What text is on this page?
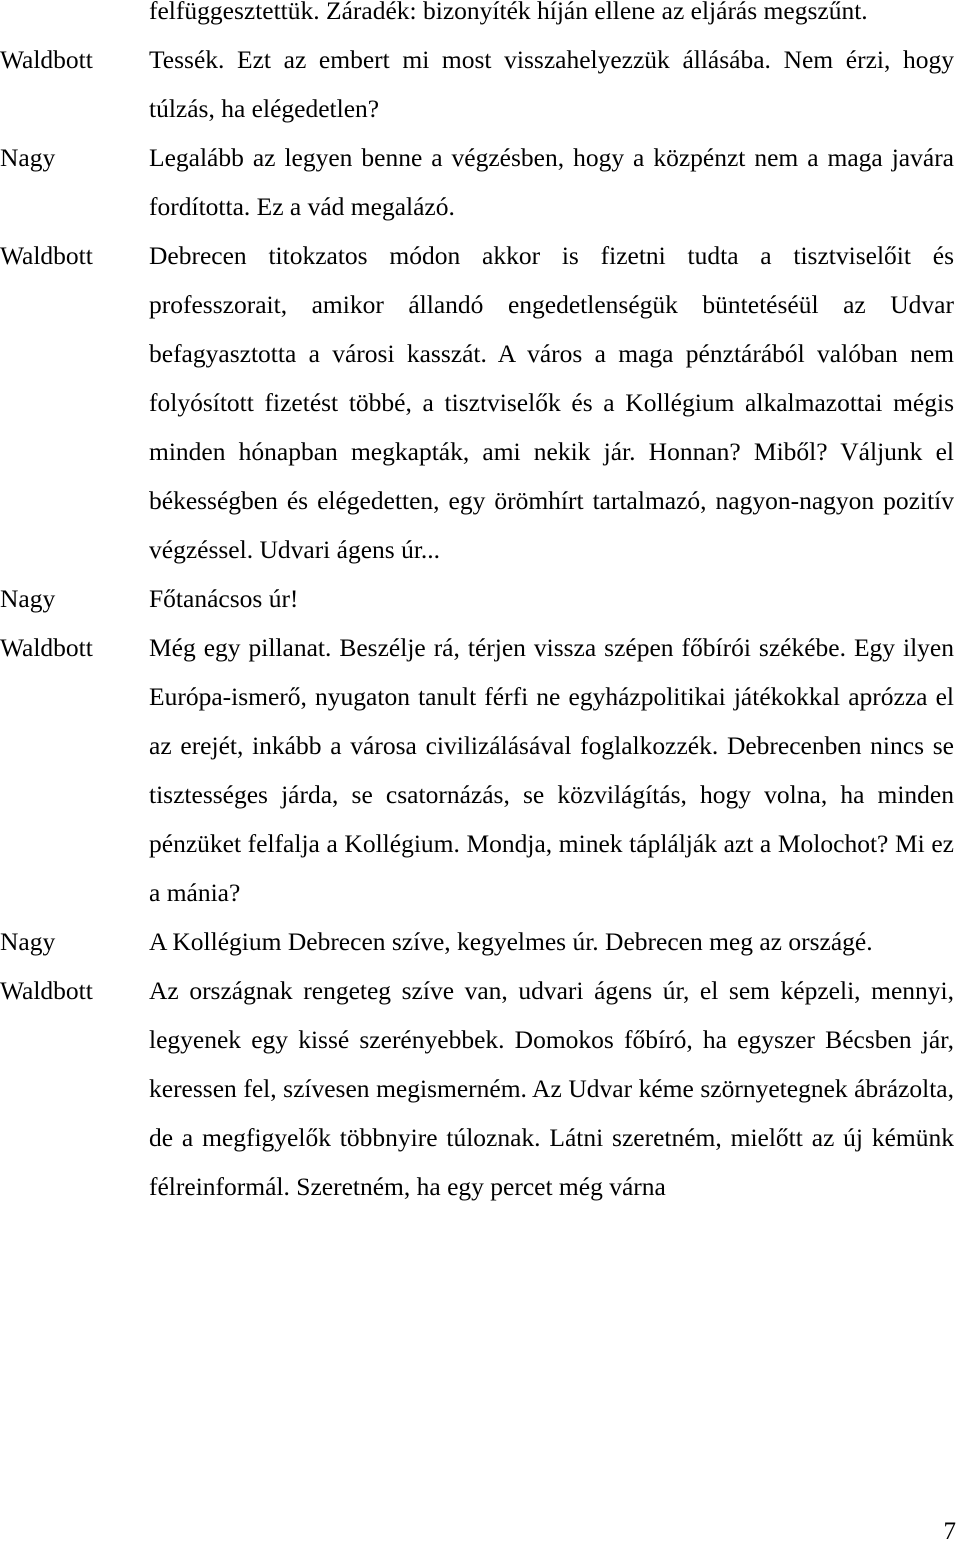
felfüggesztettük. Záradék: bizonyíték híján ellene az eljárás megszűnt.
Waldbott	Tessék. Ezt az embert mi most visszahelyezzük állásába. Nem érzi, hogy túlzás, ha elégedetlen?
Nagy	Legalább az legyen benne a végzésben, hogy a közpénzt nem a maga javára fordította. Ez a vád megalázó.
Waldbott	Debrecen titokzatos módon akkor is fizetni tudta a tisztviselőit és professzorait, amikor állandó engedetlenségük büntetéséül az Udvar befagyasztotta a városi kasszát. A város a maga pénztárából valóban nem folyósított fizetést többé, a tisztviselők és a Kollégium alkalmazottai mégis minden hónapban megkapták, ami nekik jár. Honnan? Miből? Váljunk el békességben és elégedetten, egy örömhírt tartalmazó, nagyon-nagyon pozitív végzéssel. Udvari ágens úr...
Nagy	Főtanácsos úr!
Waldbott	Még egy pillanat. Beszélje rá, térjen vissza szépen főbírói székébe. Egy ilyen Európa-ismerő, nyugaton tanult férfi ne egyházpolitikai játékokkal aprózza el az erejét, inkább a városa civilizálásával foglalkozzék. Debrecenben nincs se tisztességes járda, se csatornázás, se közvilágítás, hogy volna, ha minden pénzüket felfalja a Kollégium. Mondja, minek táplálják azt a Molochot? Mi ez a mánia?
Nagy	A Kollégium Debrecen szíve, kegyelmes úr. Debrecen meg az országé.
Waldbott	Az országnak rengeteg szíve van, udvari ágens úr, el sem képzeli, mennyi, legyenek egy kissé szerényebbek. Domokos főbíró, ha egyszer Bécsben jár, keressen fel, szívesen megismerném. Az Udvar kéme szörnyetegnek ábrázolta, de a megfigyelők többnyire túloznak. Látni szeretném, mielőtt az új kémünk félreinformál. Szeretném, ha egy percet még várna
7
